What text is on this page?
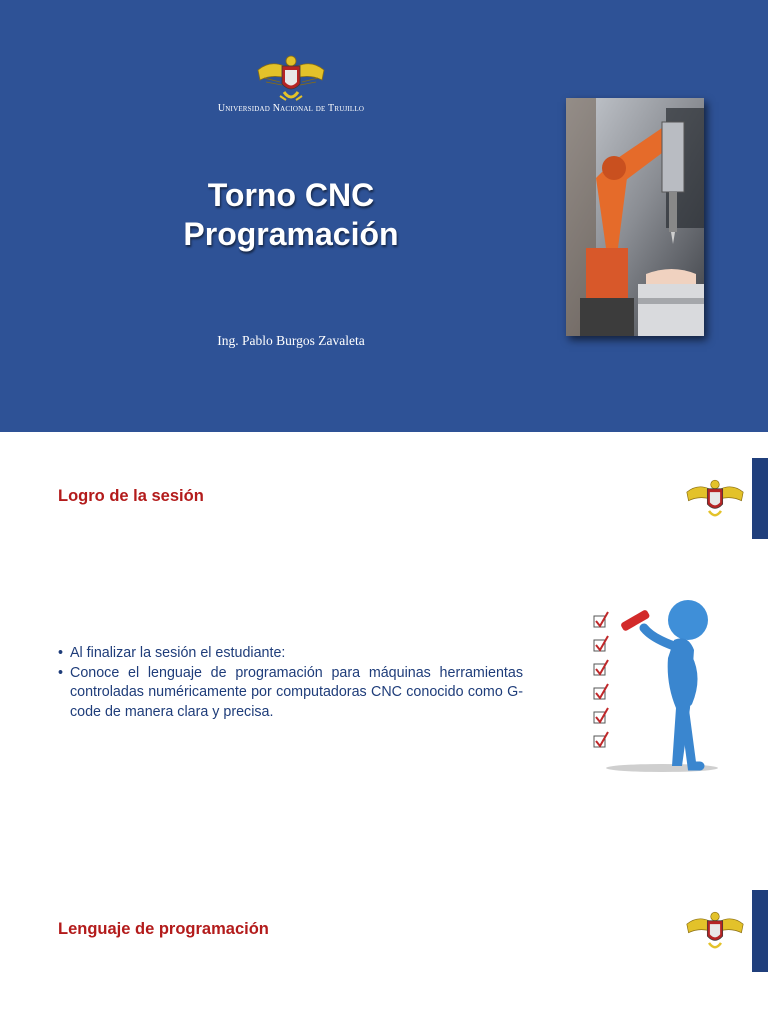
Universidad Nacional de Trujillo
Torno CNC
Programación
Ing. Pablo Burgos Zavaleta
Logro de la sesión
• Al finalizar la sesión el estudiante:
• Conoce el lenguaje de programación para máquinas herramientas controladas numéricamente por computadoras CNC conocido como G-code de manera clara y precisa.
Lenguaje de programación
